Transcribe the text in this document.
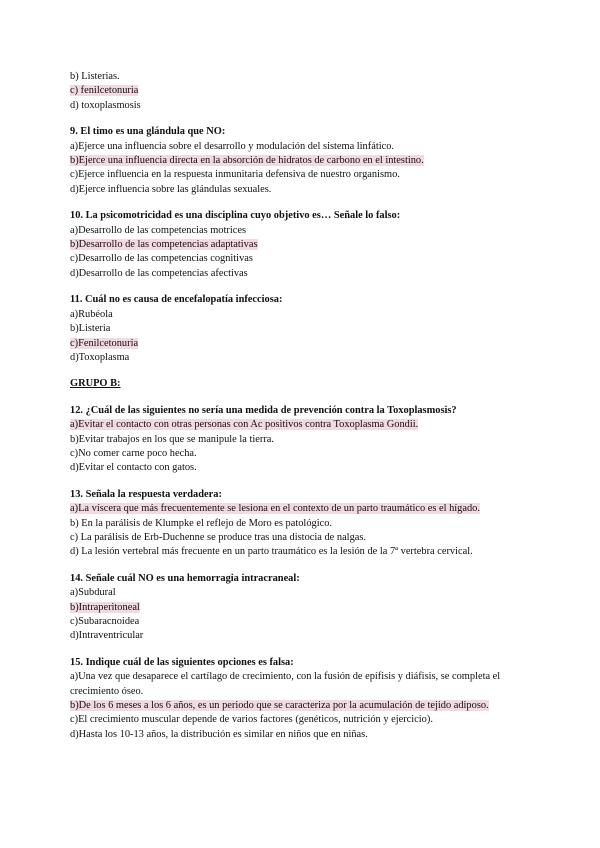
b) Listerias.
c) fenilcetonuria
d) toxoplasmosis
9. El timo es una glándula que NO:
a)Ejerce una influencia sobre el desarrollo y modulación del sistema linfático.
b)Ejerce una influencia directa en la absorción de hidratos de carbono en el intestino.
c)Ejerce influencia en la respuesta inmunitaria defensiva de nuestro organismo.
d)Ejerce influencia sobre las glándulas sexuales.
10. La psicomotricidad es una disciplina cuyo objetivo es… Señale lo falso:
a)Desarrollo de las competencias motrices
b)Desarrollo de las competencias adaptativas
c)Desarrollo de las competencias cognitivas
d)Desarrollo de las competencias afectivas
11. Cuál no es causa de encefalopatía infecciosa:
a)Rubéola
b)Listeria
c)Fenilcetonuria
d)Toxoplasma
GRUPO B:
12. ¿Cuál de las siguientes no sería una medida de prevención contra la Toxoplasmosis?
a)Evitar el contacto con otras personas con Ac positivos contra Toxoplasma Gondii.
b)Evitar trabajos en los que se manipule la tierra.
c)No comer carne poco hecha.
d)Evitar el contacto con gatos.
13. Señala la respuesta verdadera:
a)La víscera que más frecuentemente se lesiona en el contexto de un parto traumático es el hígado.
b) En la parálisis de Klumpke el reflejo de Moro es patológico.
c) La parálisis de Erb-Duchenne se produce tras una distocia de nalgas.
d) La lesión vertebral más frecuente en un parto traumático es la lesión de la 7ª vertebra cervical.
14. Señale cuál NO es una hemorragia intracraneal:
a)Subdural
b)Intraperitoneal
c)Subaracnoidea
d)Intraventricular
15. Indique cuál de las siguientes opciones es falsa:
a)Una vez que desaparece el cartílago de crecimiento, con la fusión de epífisis y diáfisis, se completa el crecimiento óseo.
b)De los 6 meses a los 6 años, es un periodo que se caracteriza por la acumulación de tejido adiposo.
c)El crecimiento muscular depende de varios factores (genéticos, nutrición y ejercicio).
d)Hasta los 10-13 años, la distribución es similar en niños que en niñas.
